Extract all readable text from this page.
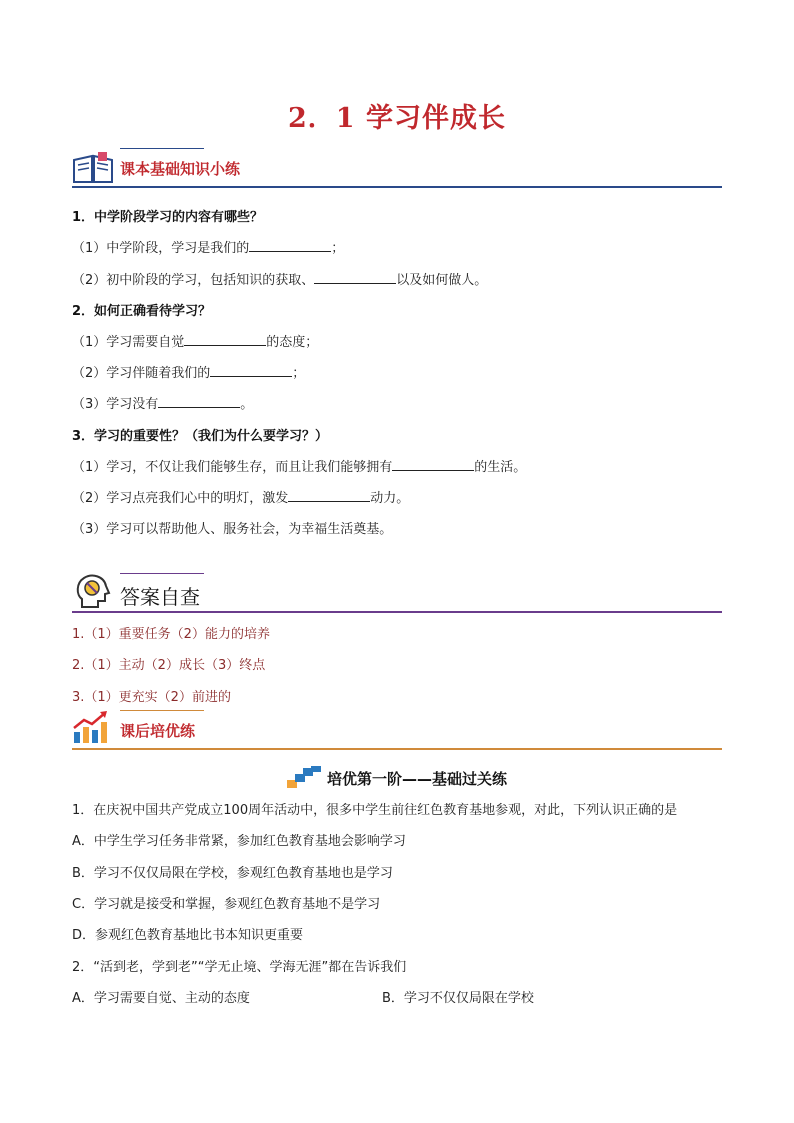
2．1 学习伴成长
课本基础知识小练
1．中学阶段学习的内容有哪些？
（1）中学阶段，学习是我们的	；
（2）初中阶段的学习，包括知识的获取、	以及如何做人。
2．如何正确看待学习？
（1）学习需要自觉	的态度；
（2）学习伴随着我们的	；
（3）学习没有	。
3．学习的重要性？（我们为什么要学习？）
（1）学习，不仅让我们能够生存，而且让我们能够拥有	的生活。
（2）学习点亮我们心中的明灯，激发	动力。
（3）学习可以帮助他人、服务社会，为幸福生活奠基。
答案自查
1.（1）重要任务（2）能力的培养
2.（1）主动（2）成长（3）终点
3.（1）更充实（2）前进的
课后培优练
培优第一阶——基础过关练
1．在庆祝中国共产党成立100周年活动中，很多中学生前往红色教育基地参观，对此，下列认识正确的是
A．中学生学习任务非常紧，参加红色教育基地会影响学习
B．学习不仅仅局限在学校，参观红色教育基地也是学习
C．学习就是接受和掌握，参观红色教育基地不是学习
D．参观红色教育基地比书本知识更重要
2．“活到老，学到老”“学无止境、学海无涯”都在告诉我们
A．学习需要自觉、主动的态度	B．学习不仅仅局限在学校
